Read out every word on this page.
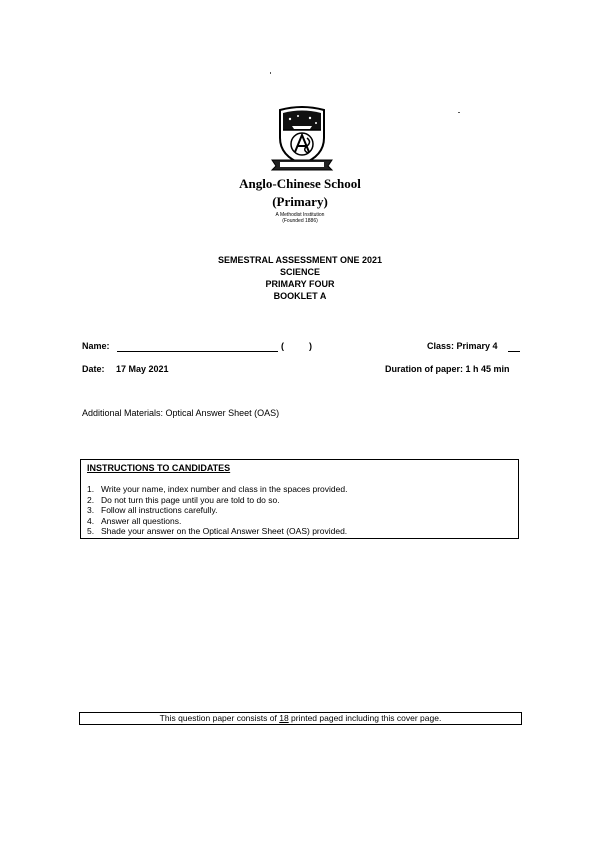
Anglo-Chinese School
(Primary)
A Methodist Institution
(Founded 1886)
SEMESTRAL ASSESSMENT ONE 2021
SCIENCE
PRIMARY FOUR
BOOKLET A
Name:	(	)	Class: Primary 4
Date: 17 May 2021	Duration of paper: 1 h 45 min
Additional Materials: Optical Answer Sheet (OAS)
INSTRUCTIONS TO CANDIDATES
1. Write your name, index number and class in the spaces provided.
2. Do not turn this page until you are told to do so.
3. Follow all instructions carefully.
4. Answer all questions.
5. Shade your answer on the Optical Answer Sheet (OAS) provided.
This question paper consists of 18 printed paged including this cover page.
